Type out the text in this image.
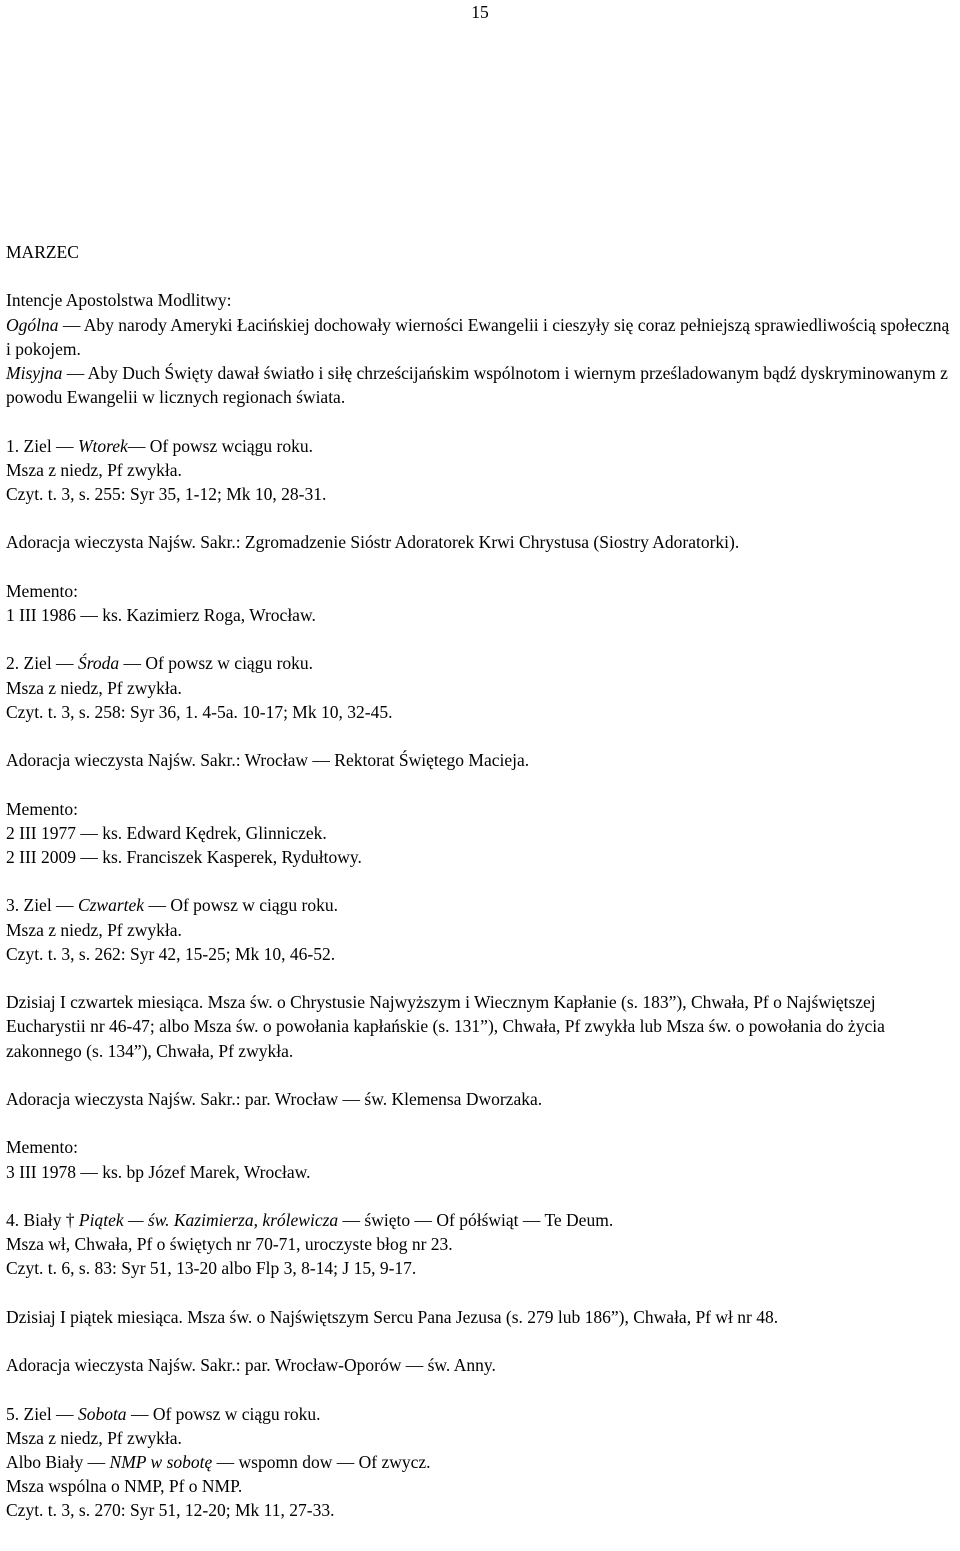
15
MARZEC
Intencje Apostolstwa Modlitwy:
Ogólna — Aby narody Ameryki Łacińskiej dochowały wierności Ewangelii i cieszyły się coraz pełniejszą sprawiedliwością społeczną i pokojem.
Misyjna — Aby Duch Święty dawał światło i siłę chrześcijańskim wspólnotom i wiernym prześladowanym bądź dyskryminowanym z powodu Ewangelii w licznych regionach świata.
1. Ziel — Wtorek— Of powsz wciągu roku.
Msza z niedz, Pf zwykła.
Czyt. t. 3, s. 255: Syr 35, 1-12; Mk 10, 28-31.
Adoracja wieczysta Najśw. Sakr.: Zgromadzenie Sióstr Adoratorek Krwi Chrystusa (Siostry Adoratorki).
Memento:
1 III 1986 — ks. Kazimierz Roga, Wrocław.
2. Ziel — Środa — Of powsz w ciągu roku.
Msza z niedz, Pf zwykła.
Czyt. t. 3, s. 258: Syr 36, 1. 4-5a. 10-17; Mk 10, 32-45.
Adoracja wieczysta Najśw. Sakr.: Wrocław — Rektorat Świętego Macieja.
Memento:
2 III 1977 — ks. Edward Kędrek, Glinniczek.
2 III 2009 — ks. Franciszek Kasperek, Rydułtowy.
3. Ziel — Czwartek — Of powsz w ciągu roku.
Msza z niedz, Pf zwykła.
Czyt. t. 3, s. 262: Syr 42, 15-25; Mk 10, 46-52.
Dzisiaj I czwartek miesiąca. Msza św. o Chrystusie Najwyższym i Wiecznym Kapłanie (s. 183”), Chwała, Pf o Najświętszej Eucharystii nr 46-47; albo Msza św. o powołania kapłańskie (s. 131”), Chwała, Pf zwykła lub Msza św. o powołania do życia zakonnego (s. 134”), Chwała, Pf zwykła.
Adoracja wieczysta Najśw. Sakr.: par. Wrocław — św. Klemensa Dworzaka.
Memento:
3 III 1978 — ks. bp Józef Marek, Wrocław.
4. Biały † Piątek — św. Kazimierza, królewicza — święto — Of półświąt — Te Deum.
Msza wł, Chwała, Pf o świętych nr 70-71, uroczyste błog nr 23.
Czyt. t. 6, s. 83: Syr 51, 13-20 albo Flp 3, 8-14; J 15, 9-17.
Dzisiaj I piątek miesiąca. Msza św. o Najświętszym Sercu Pana Jezusa (s. 279 lub 186”), Chwała, Pf wł nr 48.
Adoracja wieczysta Najśw. Sakr.: par. Wrocław-Oporów — św. Anny.
5. Ziel — Sobota — Of powsz w ciągu roku.
Msza z niedz, Pf zwykła.
Albo Biały — NMP w sobotę — wspomn dow — Of zwycz.
Msza wspólna o NMP, Pf o NMP.
Czyt. t. 3, s. 270: Syr 51, 12-20; Mk 11, 27-33.
